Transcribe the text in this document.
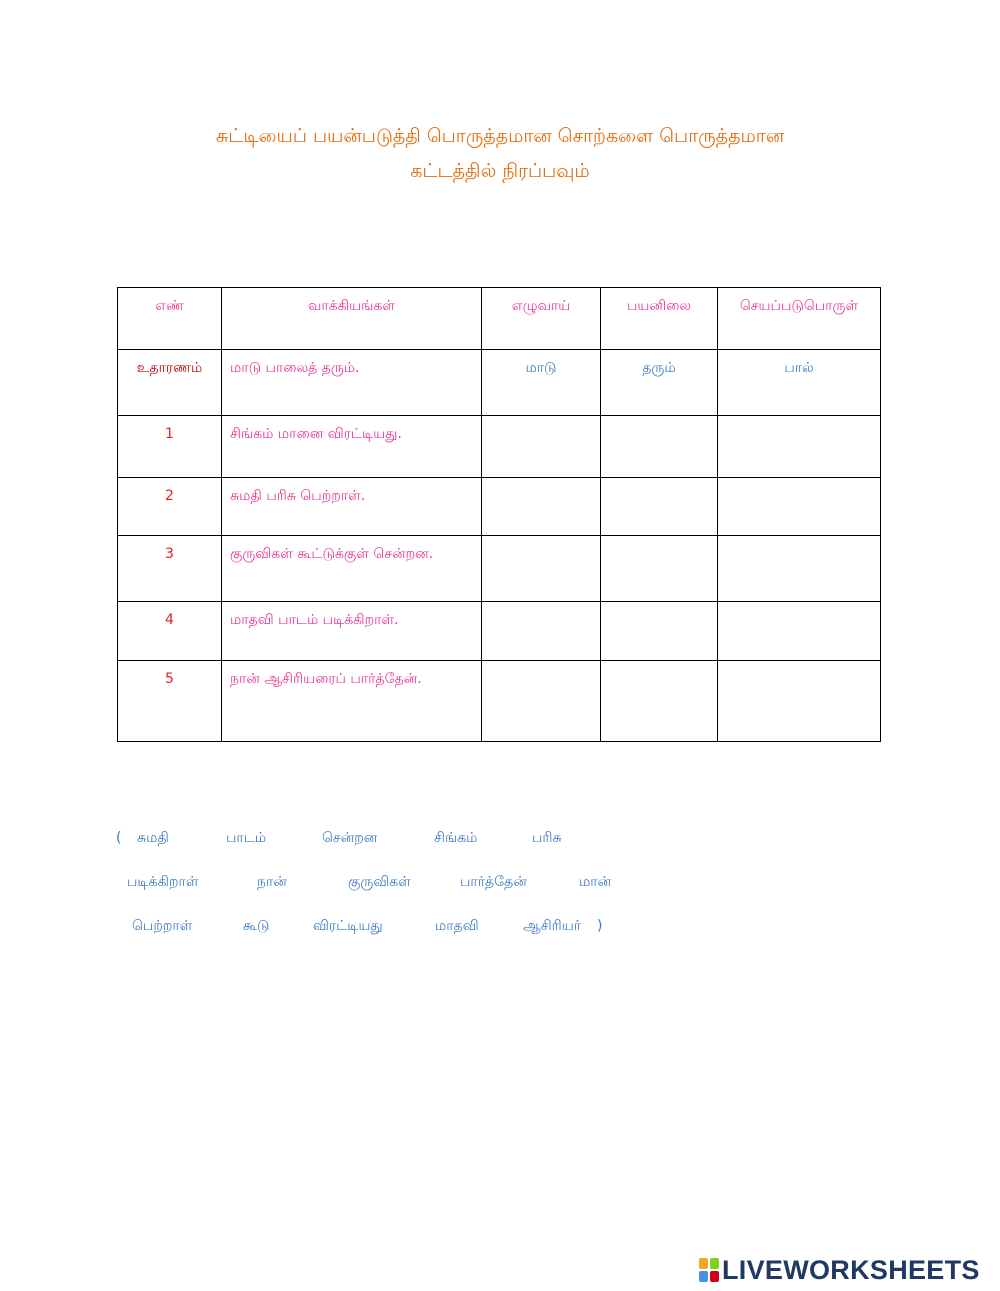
சுட்டியைப் பயன்படுத்தி பொருத்தமான சொற்களை பொருத்தமான
கட்டத்தில் நிரப்பவும்
எண்	வாக்கியங்கள்	எழுவாய்	பயனிலை	செயப்படுபொருள்
உதாரணம்	மாடு பாலைத் தரும்.	மாடு	தரும்	பால்
1	சிங்கம் மானை விரட்டியது.			
2	சுமதி பரிசு பெற்றாள்.			
3	குருவிகள் கூட்டுக்குள் சென்றன.			
4	மாதவி பாடம் படிக்கிறாள்.			
5	நான் ஆசிரியரைப் பார்த்தேன்.			
( சுமதி	பாடம்	சென்றன	சிங்கம்	பரிசு
படிக்கிறாள்	நான்	குருவிகள்	பார்த்தேன்	மான்
பெற்றாள்	கூடு	விரட்டியது	மாதவி	ஆசிரியர் )
LIVEWORKSHEETS
